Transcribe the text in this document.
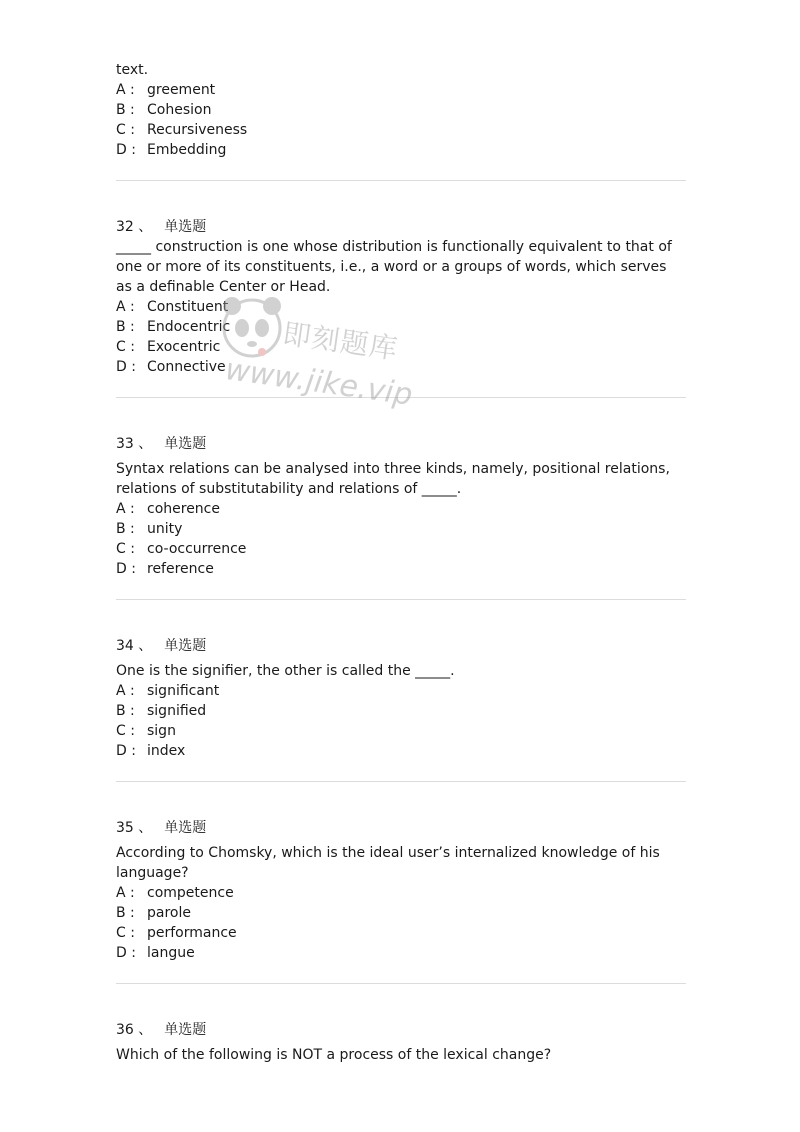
text.
A : greement
B : Cohesion
C : Recursiveness
D : Embedding
32 、 单选题
_____ construction is one whose distribution is functionally equivalent to that of one or more of its constituents, i.e., a word or a groups of words, which serves as a definable Center or Head.
A : Constituent
B : Endocentric
C : Exocentric
D : Connective
33 、 单选题
Syntax relations can be analysed into three kinds, namely, positional relations, relations of substitutability and relations of _____.
A : coherence
B : unity
C : co-occurrence
D : reference
34 、 单选题
One is the signifier, the other is called the _____.
A : significant
B : signified
C : sign
D : index
35 、 单选题
According to Chomsky, which is the ideal user’s internalized knowledge of his language?
A : competence
B : parole
C : performance
D : langue
36 、 单选题
Which of the following is NOT a process of the lexical change?
即刻题库
www.jike.vip
